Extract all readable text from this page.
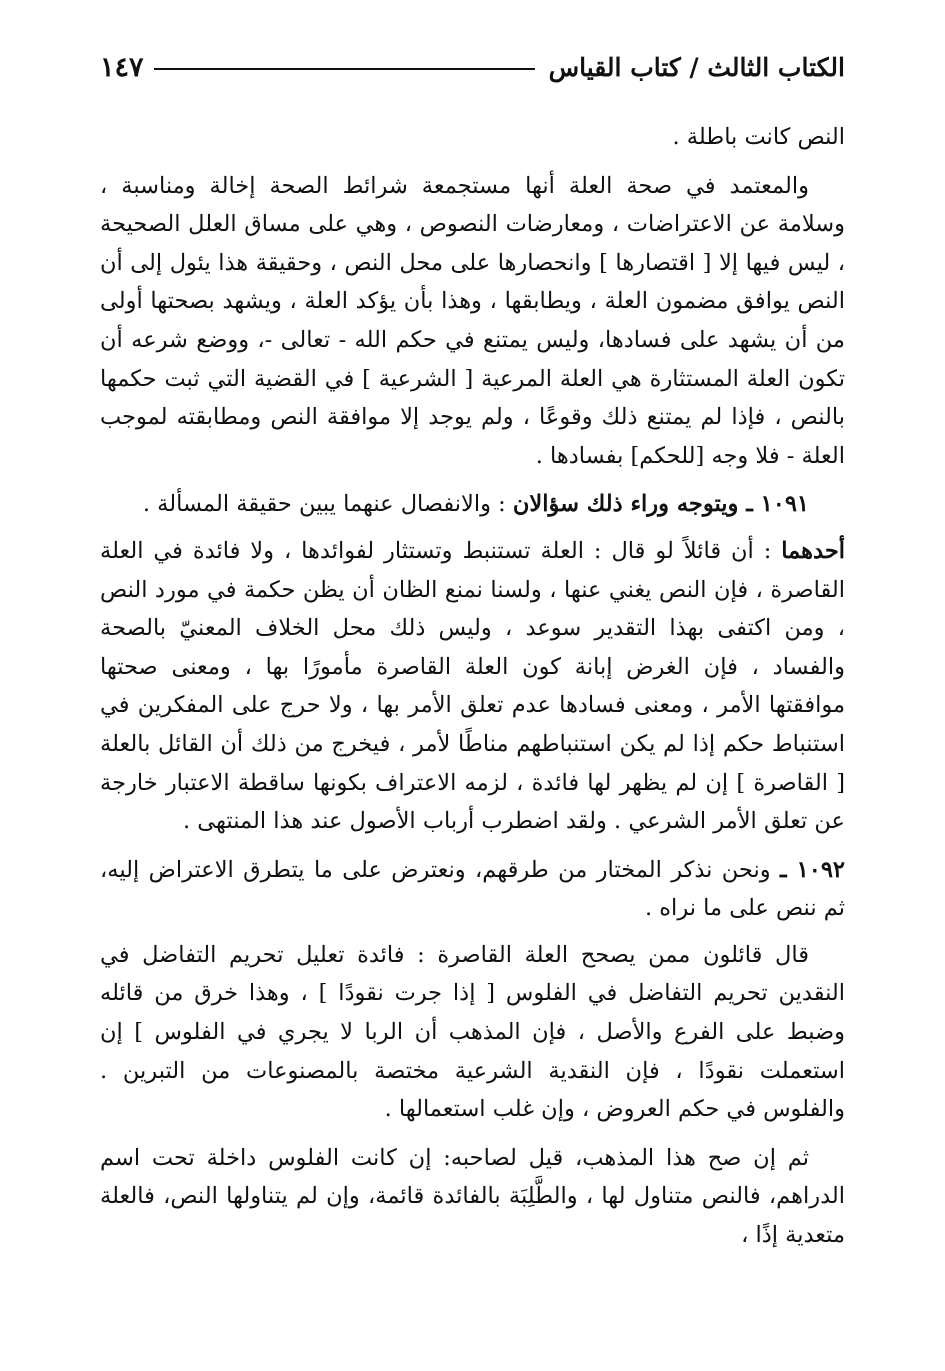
الكتاب الثالث / كتاب القياس
١٤٧

النص كانت باطلة .

والمعتمد في صحة العلة أنها مستجمعة شرائط الصحة إخالة ومناسبة ، وسلامة عن الاعتراضات ، ومعارضات النصوص ، وهي على مساق العلل الصحيحة ، ليس فيها إلا [ اقتصارها ] وانحصارها على محل النص ، وحقيقة هذا يئول إلى أن النص يوافق مضمون العلة ، ويطابقها ، وهذا بأن يؤكد العلة ، ويشهد بصحتها أولى من أن يشهد على فسادها، وليس يمتنع في حكم الله - تعالى -، ووضع شرعه أن تكون العلة المستثارة هي العلة المرعية [ الشرعية ] في القضية التي ثبت حكمها بالنص ، فإذا لم يمتنع ذلك وقوعًا ، ولم يوجد إلا موافقة النص ومطابقته لموجب العلة - فلا وجه [للحكم] بفسادها .

١٠٩١ ـ ويتوجه وراء ذلك سؤالان : والانفصال عنهما يبين حقيقة المسألة .

أحدهما : أن قائلاً لو قال : العلة تستنبط وتستثار لفوائدها ، ولا فائدة في العلة القاصرة ، فإن النص يغني عنها ، ولسنا نمنع الظان أن يظن حكمة في مورد النص ، ومن اكتفى بهذا التقدير سوعد ، وليس ذلك محل الخلاف المعنيّ بالصحة والفساد ، فإن الغرض إبانة كون العلة القاصرة مأمورًا بها ، ومعنى صحتها موافقتها الأمر ، ومعنى فسادها عدم تعلق الأمر بها ، ولا حرج على المفكرين في استنباط حكم إذا لم يكن استنباطهم مناطًا لأمر ، فيخرج من ذلك أن القائل بالعلة [ القاصرة ] إن لم يظهر لها فائدة ، لزمه الاعتراف بكونها ساقطة الاعتبار خارجة عن تعلق الأمر الشرعي . ولقد اضطرب أرباب الأصول عند هذا المنتهى .

١٠٩٢ ـ ونحن نذكر المختار من طرقهم، ونعترض على ما يتطرق الاعتراض إليه، ثم ننص على ما نراه .

قال قائلون ممن يصحح العلة القاصرة : فائدة تعليل تحريم التفاضل في النقدين تحريم التفاضل في الفلوس [ إذا جرت نقودًا ] ، وهذا خرق من قائله وضبط على الفرع والأصل ، فإن المذهب أن الربا لا يجري في الفلوس ] إن استعملت نقودًا ، فإن النقدية الشرعية مختصة بالمصنوعات من التبرين . والفلوس في حكم العروض ، وإن غلب استعمالها .

ثم إن صح هذا المذهب، قيل لصاحبه: إن كانت الفلوس داخلة تحت اسم الدراهم، فالنص متناول لها ، والطَّلِبَة بالفائدة قائمة، وإن لم يتناولها النص، فالعلة متعدية إذًا ،
